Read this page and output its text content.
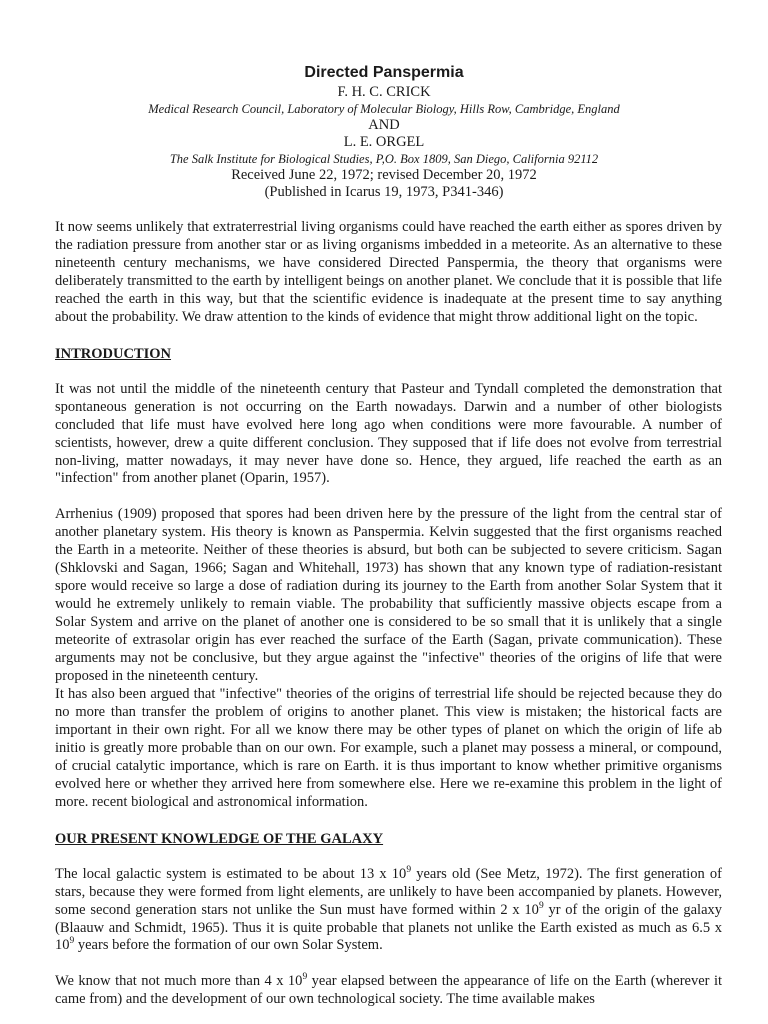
Directed Panspermia
F. H. C. CRICK
Medical Research Council, Laboratory of Molecular Biology, Hills Row, Cambridge, England
AND
L. E. ORGEL
The Salk Institute for Biological Studies, P,O. Box 1809, San Diego, California 92112
Received June 22, 1972; revised December 20, 1972
(Published in Icarus 19, 1973, P341-346)

It now seems unlikely that extraterrestrial living organisms could have reached the earth either as spores driven by the radiation pressure from another star or as living organisms imbedded in a meteorite. As an alternative to these nineteenth century mechanisms, we have considered Directed Panspermia, the theory that organisms were deliberately transmitted to the earth by intelligent beings on another planet. We conclude that it is possible that life reached the earth in this way, but that the scientific evidence is inadequate at the present time to say anything about the probability. We draw attention to the kinds of evidence that might throw additional light on the topic.

INTRODUCTION

It was not until the middle of the nineteenth century that Pasteur and Tyndall completed the demonstration that spontaneous generation is not occurring on the Earth nowadays. Darwin and a number of other biologists concluded that life must have evolved here long ago when conditions were more favourable. A number of scientists, however, drew a quite different conclusion. They supposed that if life does not evolve from terrestrial non-living, matter nowadays, it may never have done so. Hence, they argued, life reached the earth as an "infection" from another planet (Oparin, 1957).

Arrhenius (1909) proposed that spores had been driven here by the pressure of the light from the central star of another planetary system. His theory is known as Panspermia. Kelvin suggested that the first organisms reached the Earth in a meteorite. Neither of these theories is absurd, but both can be subjected to severe criticism. Sagan (Shklovski and Sagan, 1966; Sagan and Whitehall, 1973) has shown that any known type of radiation-resistant spore would receive so large a dose of radiation during its journey to the Earth from another Solar System that it would he extremely unlikely to remain viable. The probability that sufficiently massive objects escape from a Solar System and arrive on the planet of another one is considered to be so small that it is unlikely that a single meteorite of extrasolar origin has ever reached the surface of the Earth (Sagan, private communication). These arguments may not be conclusive, but they argue against the "infective" theories of the origins of life that were proposed in the nineteenth century.

It has also been argued that "infective" theories of the origins of terrestrial life should be rejected because they do no more than transfer the problem of origins to another planet. This view is mistaken; the historical facts are important in their own right. For all we know there may be other types of planet on which the origin of life ab initio is greatly more probable than on our own. For example, such a planet may possess a mineral, or compound, of crucial catalytic importance, which is rare on Earth. it is thus important to know whether primitive organisms evolved here or whether they arrived here from somewhere else. Here we re-examine this problem in the light of more. recent biological and astronomical information.

OUR PRESENT KNOWLEDGE OF THE GALAXY

The local galactic system is estimated to be about 13 x $10^9$ years old (See Metz, 1972). The first generation of stars, because they were formed from light elements, are unlikely to have been accompanied by planets. However, some second generation stars not unlike the Sun must have formed within 2 x $10^9$ yr of the origin of the galaxy (Blaauw and Schmidt, 1965). Thus it is quite probable that planets not unlike the Earth existed as much as 6.5 x $10^9$ years before the formation of our own Solar System.

We know that not much more than 4 x $10^9$ year elapsed between the appearance of life on the Earth (wherever it came from) and the development of our own technological society. The time available makes
